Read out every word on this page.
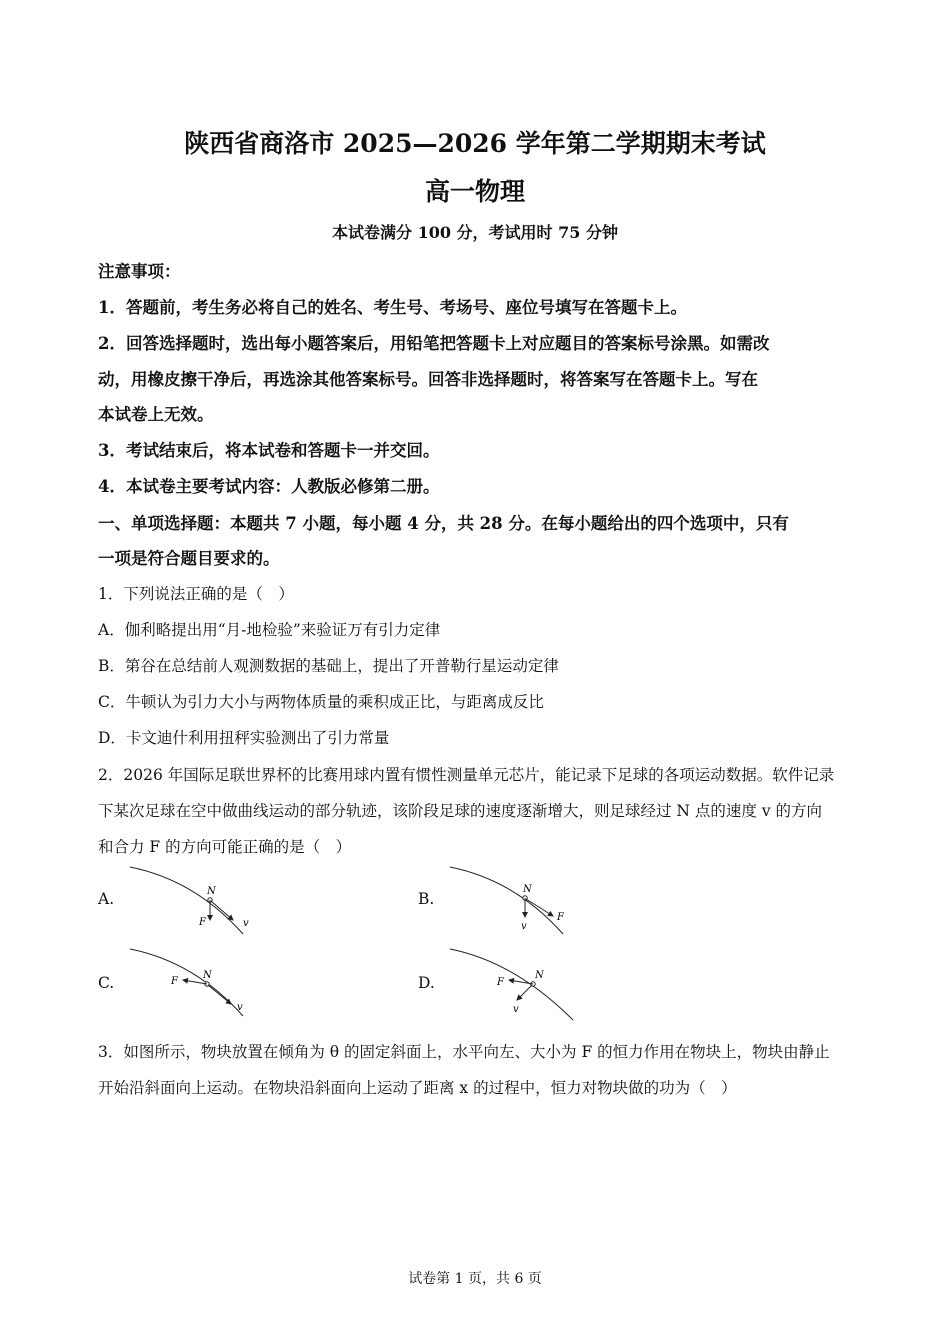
陕西省商洛市 2025—2026 学年第二学期期末考试
高一物理
本试卷满分 100 分，考试用时 75 分钟
注意事项：
1．答题前，考生务必将自己的姓名、考生号、考场号、座位号填写在答题卡上。
2．回答选择题时，选出每小题答案后，用铅笔把答题卡上对应题目的答案标号涂黑。如需改
动，用橡皮擦干净后，再选涂其他答案标号。回答非选择题时，将答案写在答题卡上。写在
本试卷上无效。
3．考试结束后，将本试卷和答题卡一并交回。
4．本试卷主要考试内容：人教版必修第二册。
一、单项选择题：本题共 7 小题，每小题 4 分，共 28 分。在每小题给出的四个选项中，只有
一项是符合题目要求的。
1．下列说法正确的是（　）
A．伽利略提出用“月-地检验”来验证万有引力定律
B．第谷在总结前人观测数据的基础上，提出了开普勒行星运动定律
C．牛顿认为引力大小与两物体质量的乘积成正比，与距离成反比
D．卡文迪什利用扭秤实验测出了引力常量
2．2026 年国际足联世界杯的比赛用球内置有惯性测量单元芯片，能记录下足球的各项运动数据。软件记录
下某次足球在空中做曲线运动的部分轨迹，该阶段足球的速度逐渐增大，则足球经过 N 点的速度 v 的方向
和合力 F 的方向可能正确的是（　）
A.	N
F	v
B.
N
v
F
C.	N
F
v
D.	N
F
v
3．如图所示，物块放置在倾角为 θ 的固定斜面上，水平向左、大小为 F 的恒力作用在物块上，物块由静止
开始沿斜面向上运动。在物块沿斜面向上运动了距离 x 的过程中，恒力对物块做的功为（　）
试卷第 1 页，共 6 页
